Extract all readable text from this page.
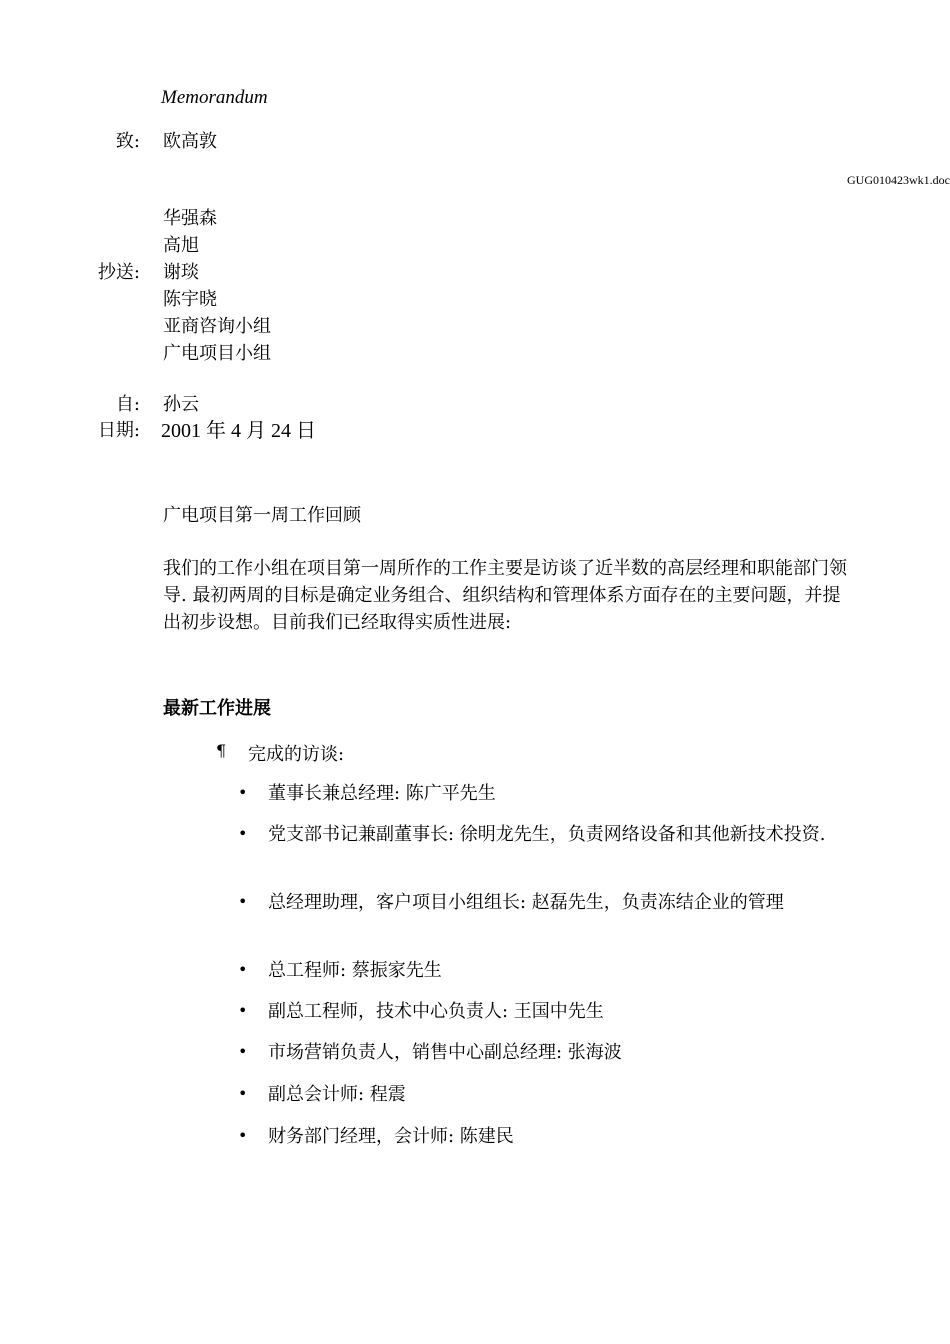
Memorandum
致: 欧高敦
GUG010423wk1.doc
华强森
高旭
抄送: 谢琰
陈宇晓
亚商咨询小组
广电项目小组
自: 孙云
日期: 2001 年 4 月 24 日
广电项目第一周工作回顾
我们的工作小组在项目第一周所作的工作主要是访谈了近半数的高层经理和职能部门领导. 最初两周的目标是确定业务组合、组织结构和管理体系方面存在的主要问题，并提出初步设想。目前我们已经取得实质性进展:
最新工作进展
¶ 完成的访谈:
• 董事长兼总经理: 陈广平先生
• 党支部书记兼副董事长: 徐明龙先生，负责网络设备和其他新技术投资.
• 总经理助理，客户项目小组组长: 赵磊先生，负责冻结企业的管理
• 总工程师: 蔡振家先生
• 副总工程师，技术中心负责人: 王国中先生
• 市场营销负责人，销售中心副总经理: 张海波
• 副总会计师: 程震
• 财务部门经理，会计师: 陈建民
